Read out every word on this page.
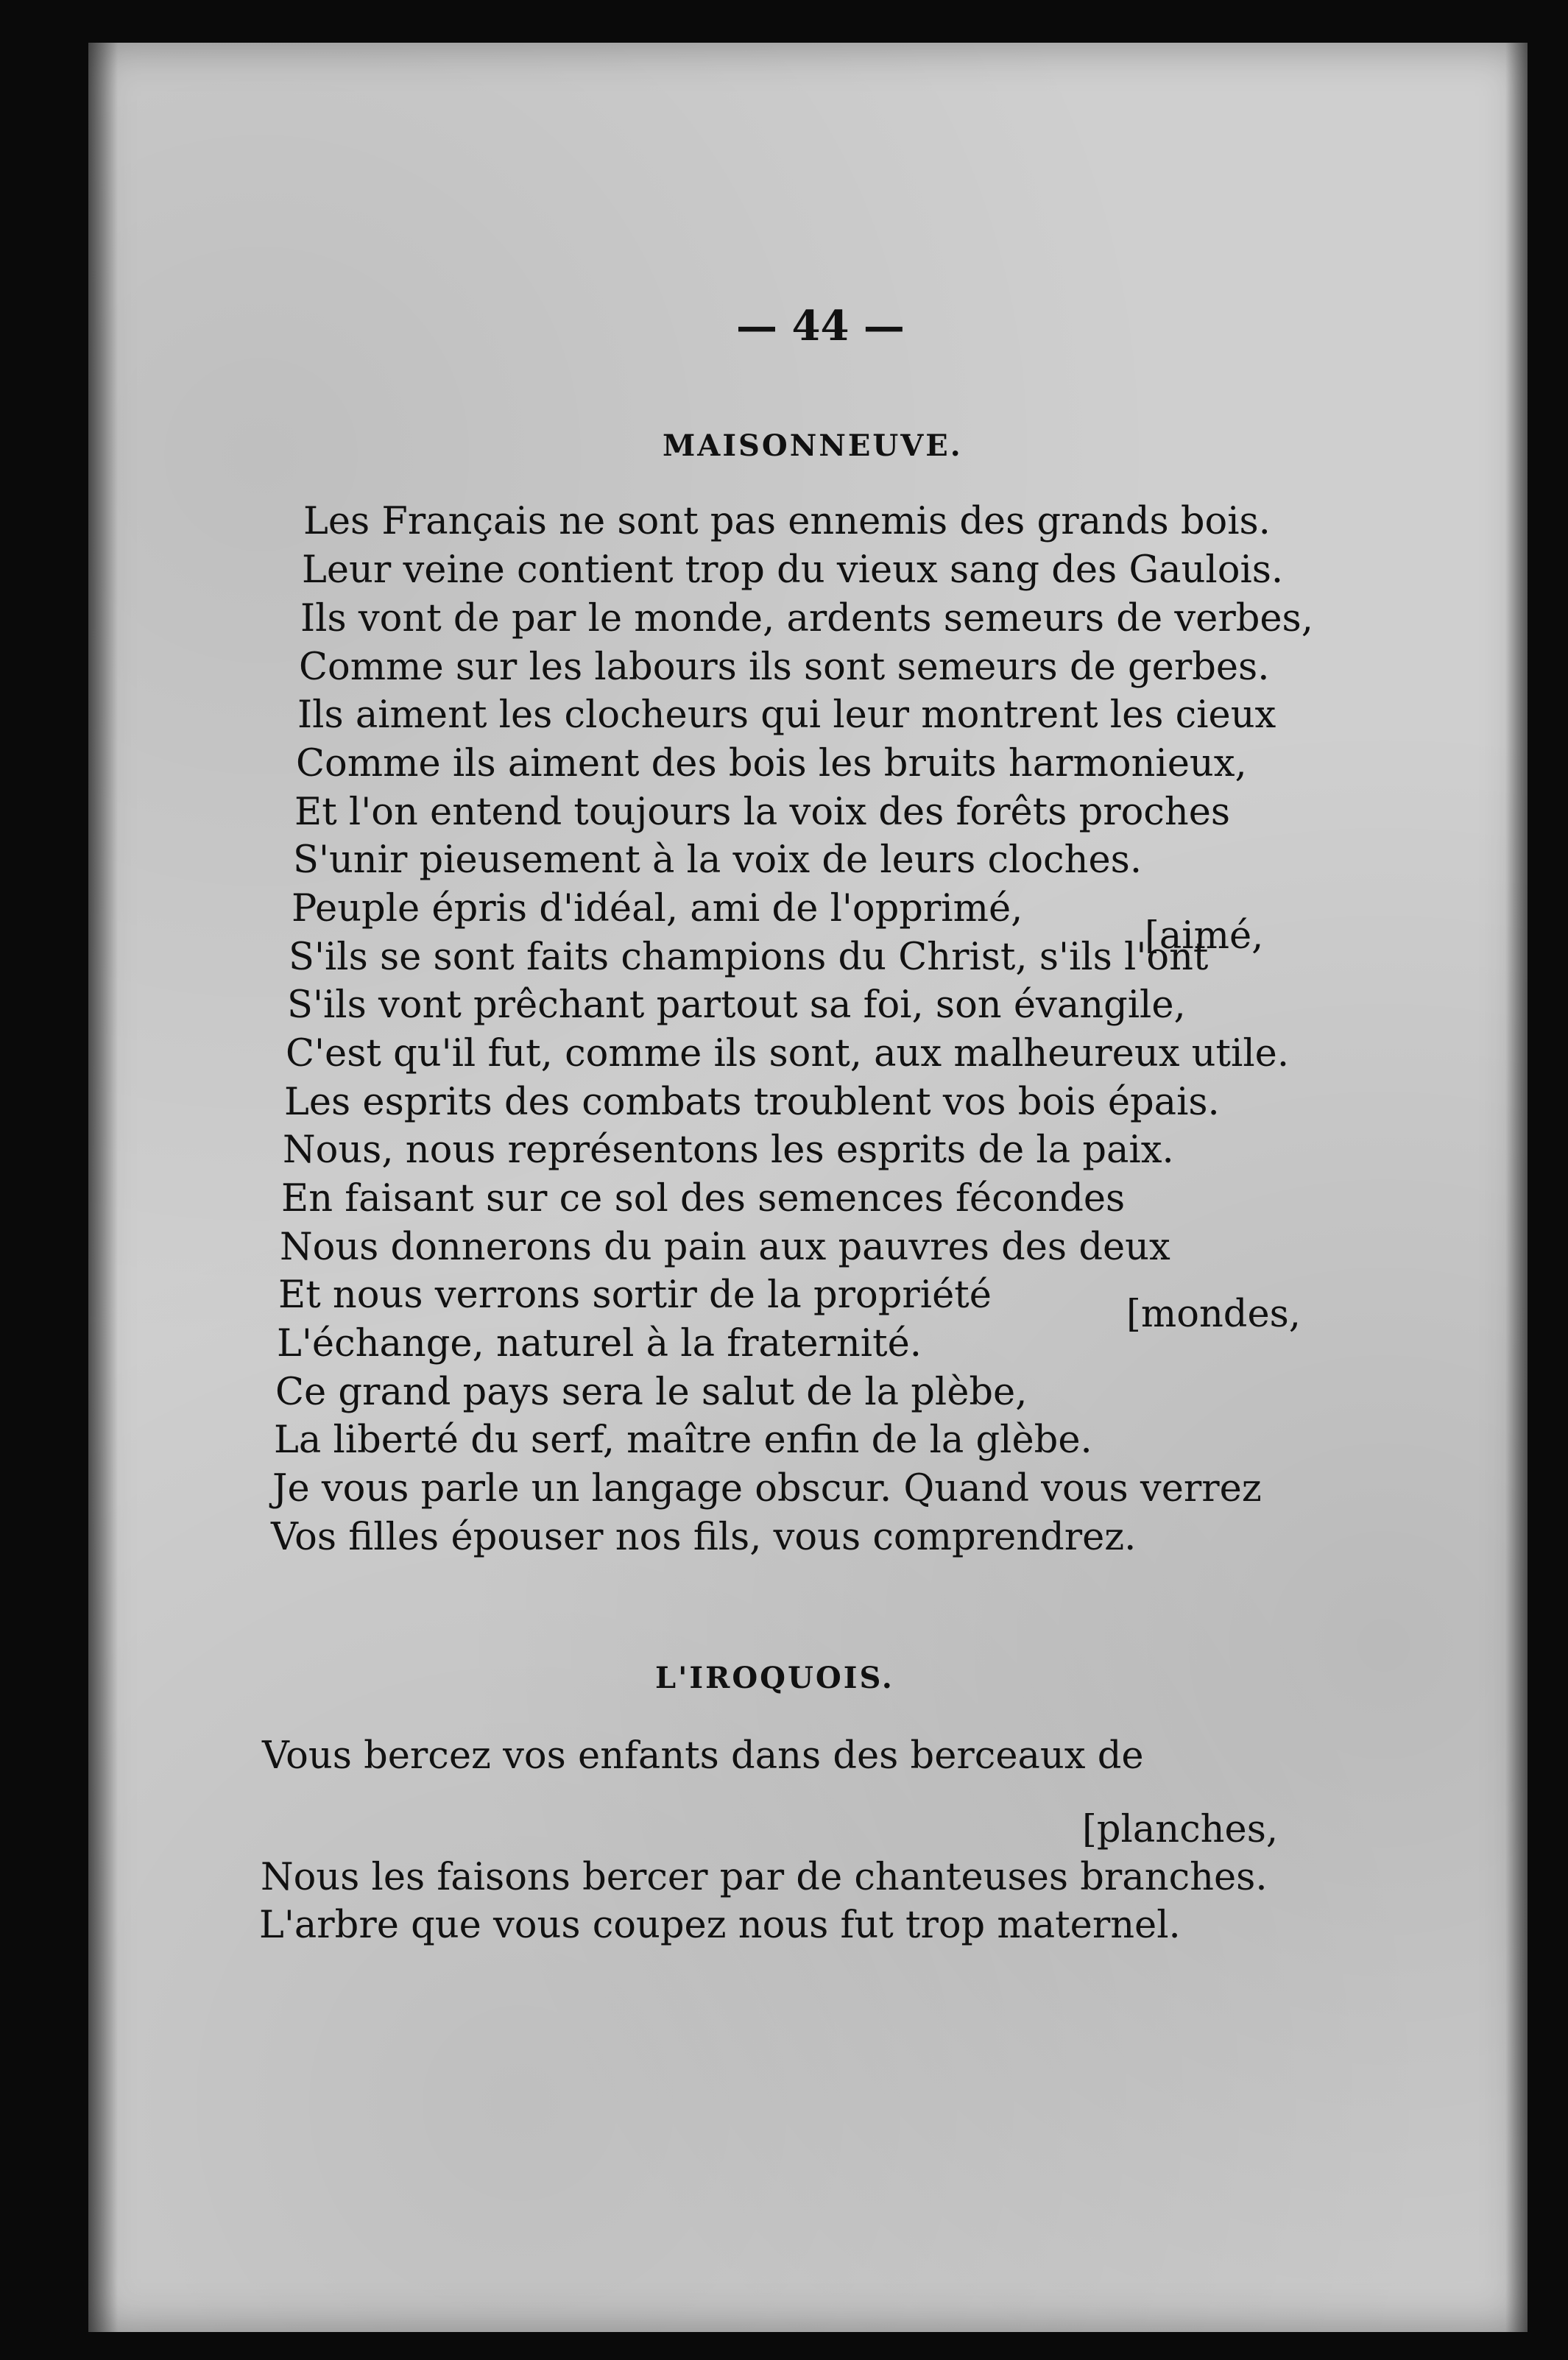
— 44 —
MAISONNEUVE.
Les Français ne sont pas ennemis des grands bois.
Leur veine contient trop du vieux sang des Gaulois.
Ils vont de par le monde, ardents semeurs de verbes,
Comme sur les labours ils sont semeurs de gerbes.
Ils aiment les clocheurs qui leur montrent les cieux
Comme ils aiment des bois les bruits harmonieux,
Et l'on entend toujours la voix des forêts proches
S'unir pieusement à la voix de leurs cloches.
Peuple épris d'idéal, ami de l'opprimé,
[aimé,
S'ils se sont faits champions du Christ, s'ils l'ont
S'ils vont prêchant partout sa foi, son évangile,
C'est qu'il fut, comme ils sont, aux malheureux utile.
Les esprits des combats troublent vos bois épais.
Nous, nous représentons les esprits de la paix.
En faisant sur ce sol des semences fécondes
Nous donnerons du pain aux pauvres des deux
Et nous verrons sortir de la propriété	[mondes,
L'échange, naturel à la fraternité.
Ce grand pays sera le salut de la plèbe,
La liberté du serf, maître enfin de la glèbe.
Je vous parle un langage obscur. Quand vous verrez
Vos filles épouser nos fils, vous comprendrez.
L'IROQUOIS.
Vous bercez vos enfants dans des berceaux de
[planches,
Nous les faisons bercer par de chanteuses branches.
L'arbre que vous coupez nous fut trop maternel.
